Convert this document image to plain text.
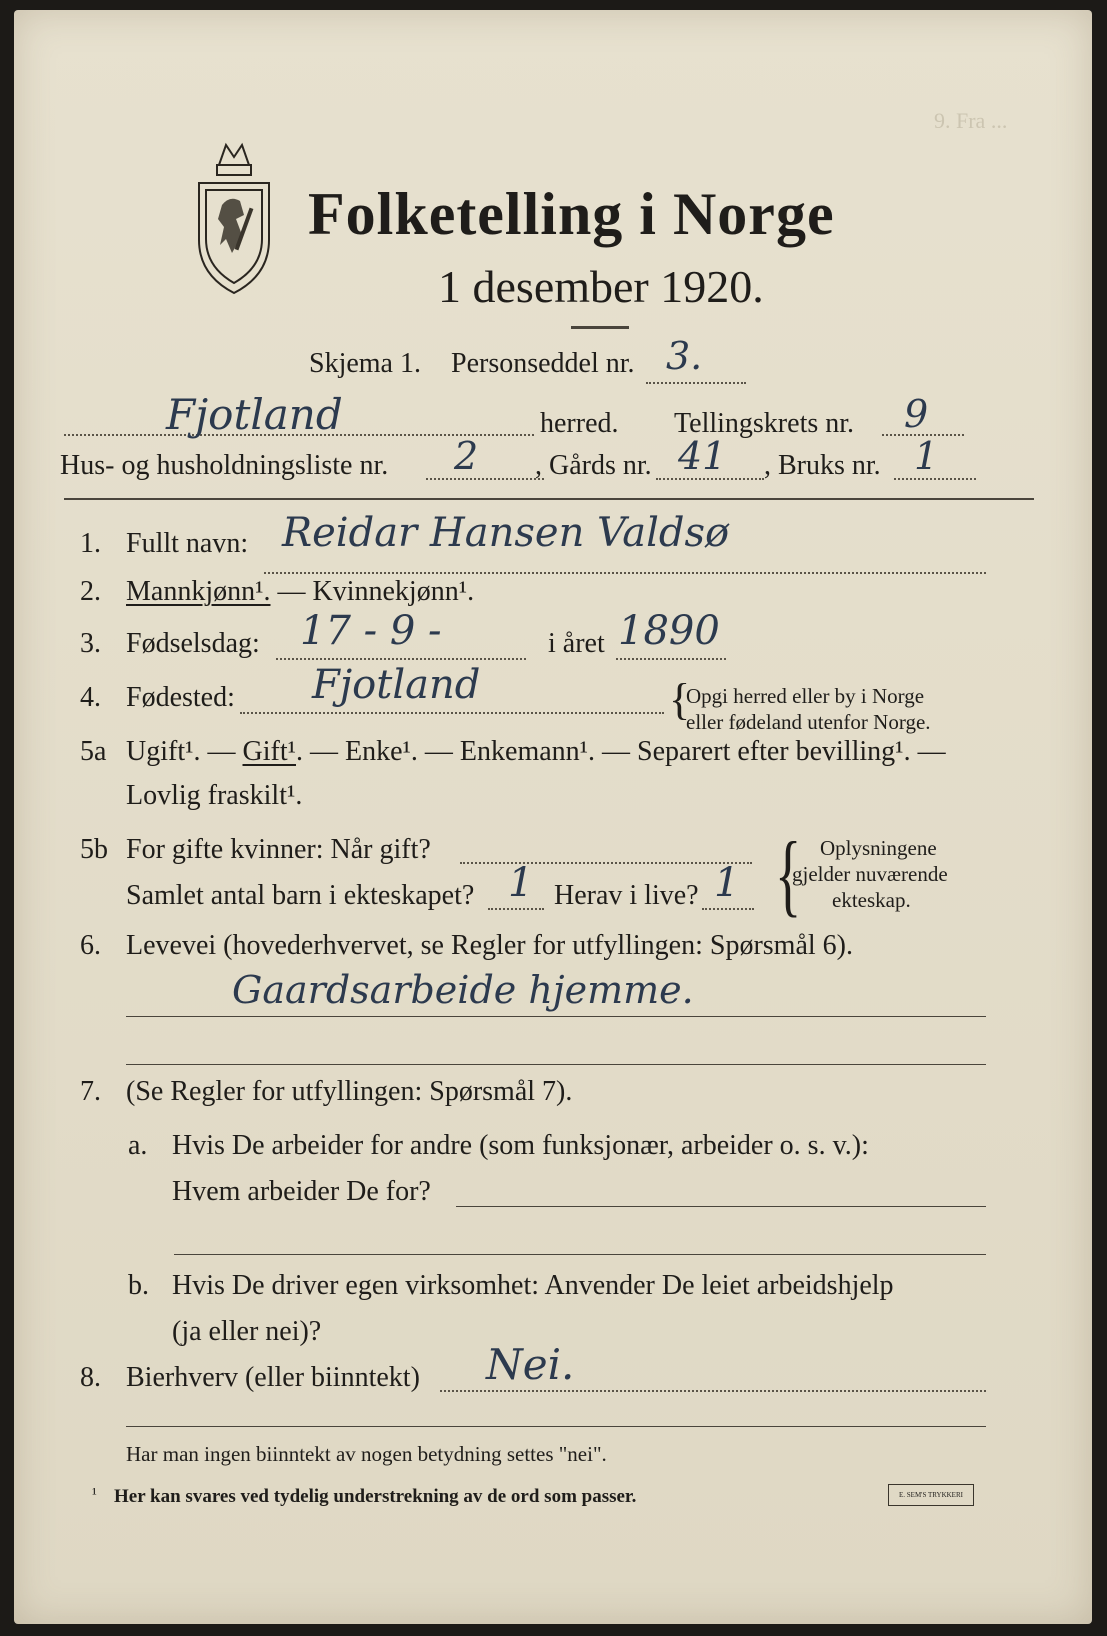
9. Fra ...
Folketelling i Norge
1 desember 1920.
Skjema 1. Personseddel nr. 3.
Fjotland	herred. Tellingskrets nr. 9
Hus- og husholdningsliste nr. 2 , Gårds nr. 41 , Bruks nr. 1
1. Fullt navn: Reidar Hansen Valdsø
2. Mannkjønn¹. — Kvinnekjønn¹.
3. Fødselsdag: 17 - 9 -	i året 1890
4. Fødested: Fjotland	{
Opgi herred eller by i Norge
eller fødeland utenfor Norge.
5a Ugift¹. — Gift¹. — Enke¹. — Enkemann¹. — Separert efter bevilling¹. —
Lovlig fraskilt¹.
5b For gifte kvinner: Når gift?
Samlet antal barn i ekteskapet? 1 Herav i live? 1 { Oplysningene
gjelder nuværende
ekteskap.
6. Levevei (hovederhvervet, se Regler for utfyllingen: Spørsmål 6).
Gaardsarbeide hjemme.
7. (Se Regler for utfyllingen: Spørsmål 7).
a. Hvis De arbeider for andre (som funksjonær, arbeider o. s. v.):
Hvem arbeider De for?
b. Hvis De driver egen virksomhet: Anvender De leiet arbeidshjelp
(ja eller nei)?
8. Bierhverv (eller biinntekt) Nei.
Har man ingen biinntekt av nogen betydning settes "nei".
¹ Her kan svares ved tydelig understrekning av de ord som passer.	E. SEM'S TRYKKERI
